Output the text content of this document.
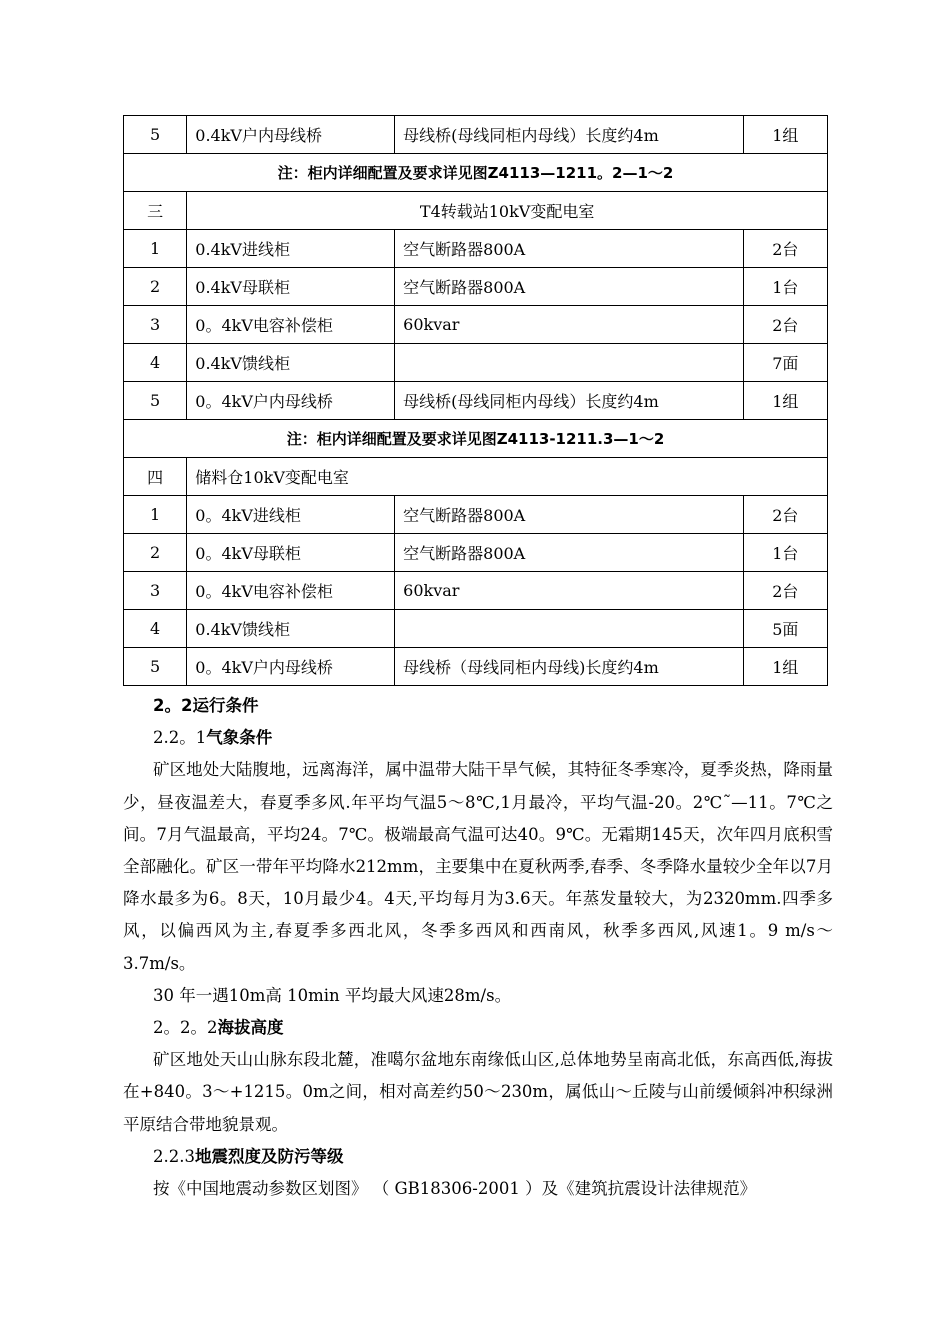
5	0.4kV户内母线桥	母线桥(母线同柜内母线）长度约4m	1组
注：柜内详细配置及要求详见图Z4113—1211。2—1～2			
三	T4转载站10kV变配电室		
1	0.4kV进线柜	空气断路器800A	2台
2	0.4kV母联柜	空气断路器800A	1台
3	0。4kV电容补偿柜	60kvar	2台
4	0.4kV馈线柜		7面
5	0。4kV户内母线桥	母线桥(母线同柜内母线）长度约4m	1组
注：柜内详细配置及要求详见图Z4113-1211.3—1～2			
四	储料仓10kV变配电室		
1	0。4kV进线柜	空气断路器800A	2台
2	0。4kV母联柜	空气断路器800A	1台
3	0。4kV电容补偿柜	60kvar	2台
4	0.4kV馈线柜		5面
5	0。4kV户内母线桥	母线桥（母线同柜内母线)长度约4m	1组

2。2运行条件

2.2。1气象条件

矿区地处大陆腹地，远离海洋，属中温带大陆干旱气候，其特征冬季寒冷，夏季炎热，降雨量少，昼夜温差大，春夏季多风.年平均气温5～8℃,1月最冷，平均气温-20。2℃˜—11。7℃之间。7月气温最高，平均24。7℃。极端最高气温可达40。9℃。无霜期145天，次年四月底积雪全部融化。矿区一带年平均降水212mm，主要集中在夏秋两季,春季、冬季降水量较少全年以7月降水最多为6。8天，10月最少4。4天,平均每月为3.6天。年蒸发量较大，为2320mm.四季多风，以偏西风为主,春夏季多西北风，冬季多西风和西南风，秋季多西风,风速1。9 m/s～3.7m/s。

30 年一遇10m高 10min 平均最大风速28m/s。

2。2。2海拔高度

矿区地处天山山脉东段北麓，准噶尔盆地东南缘低山区,总体地势呈南高北低，东高西低,海拔在+840。3～+1215。0m之间，相对高差约50～230m，属低山～丘陵与山前缓倾斜冲积绿洲平原结合带地貌景观。

2.2.3地震烈度及防污等级

按《中国地震动参数区划图》 （ GB18306-2001 ）及《建筑抗震设计法律规范》
